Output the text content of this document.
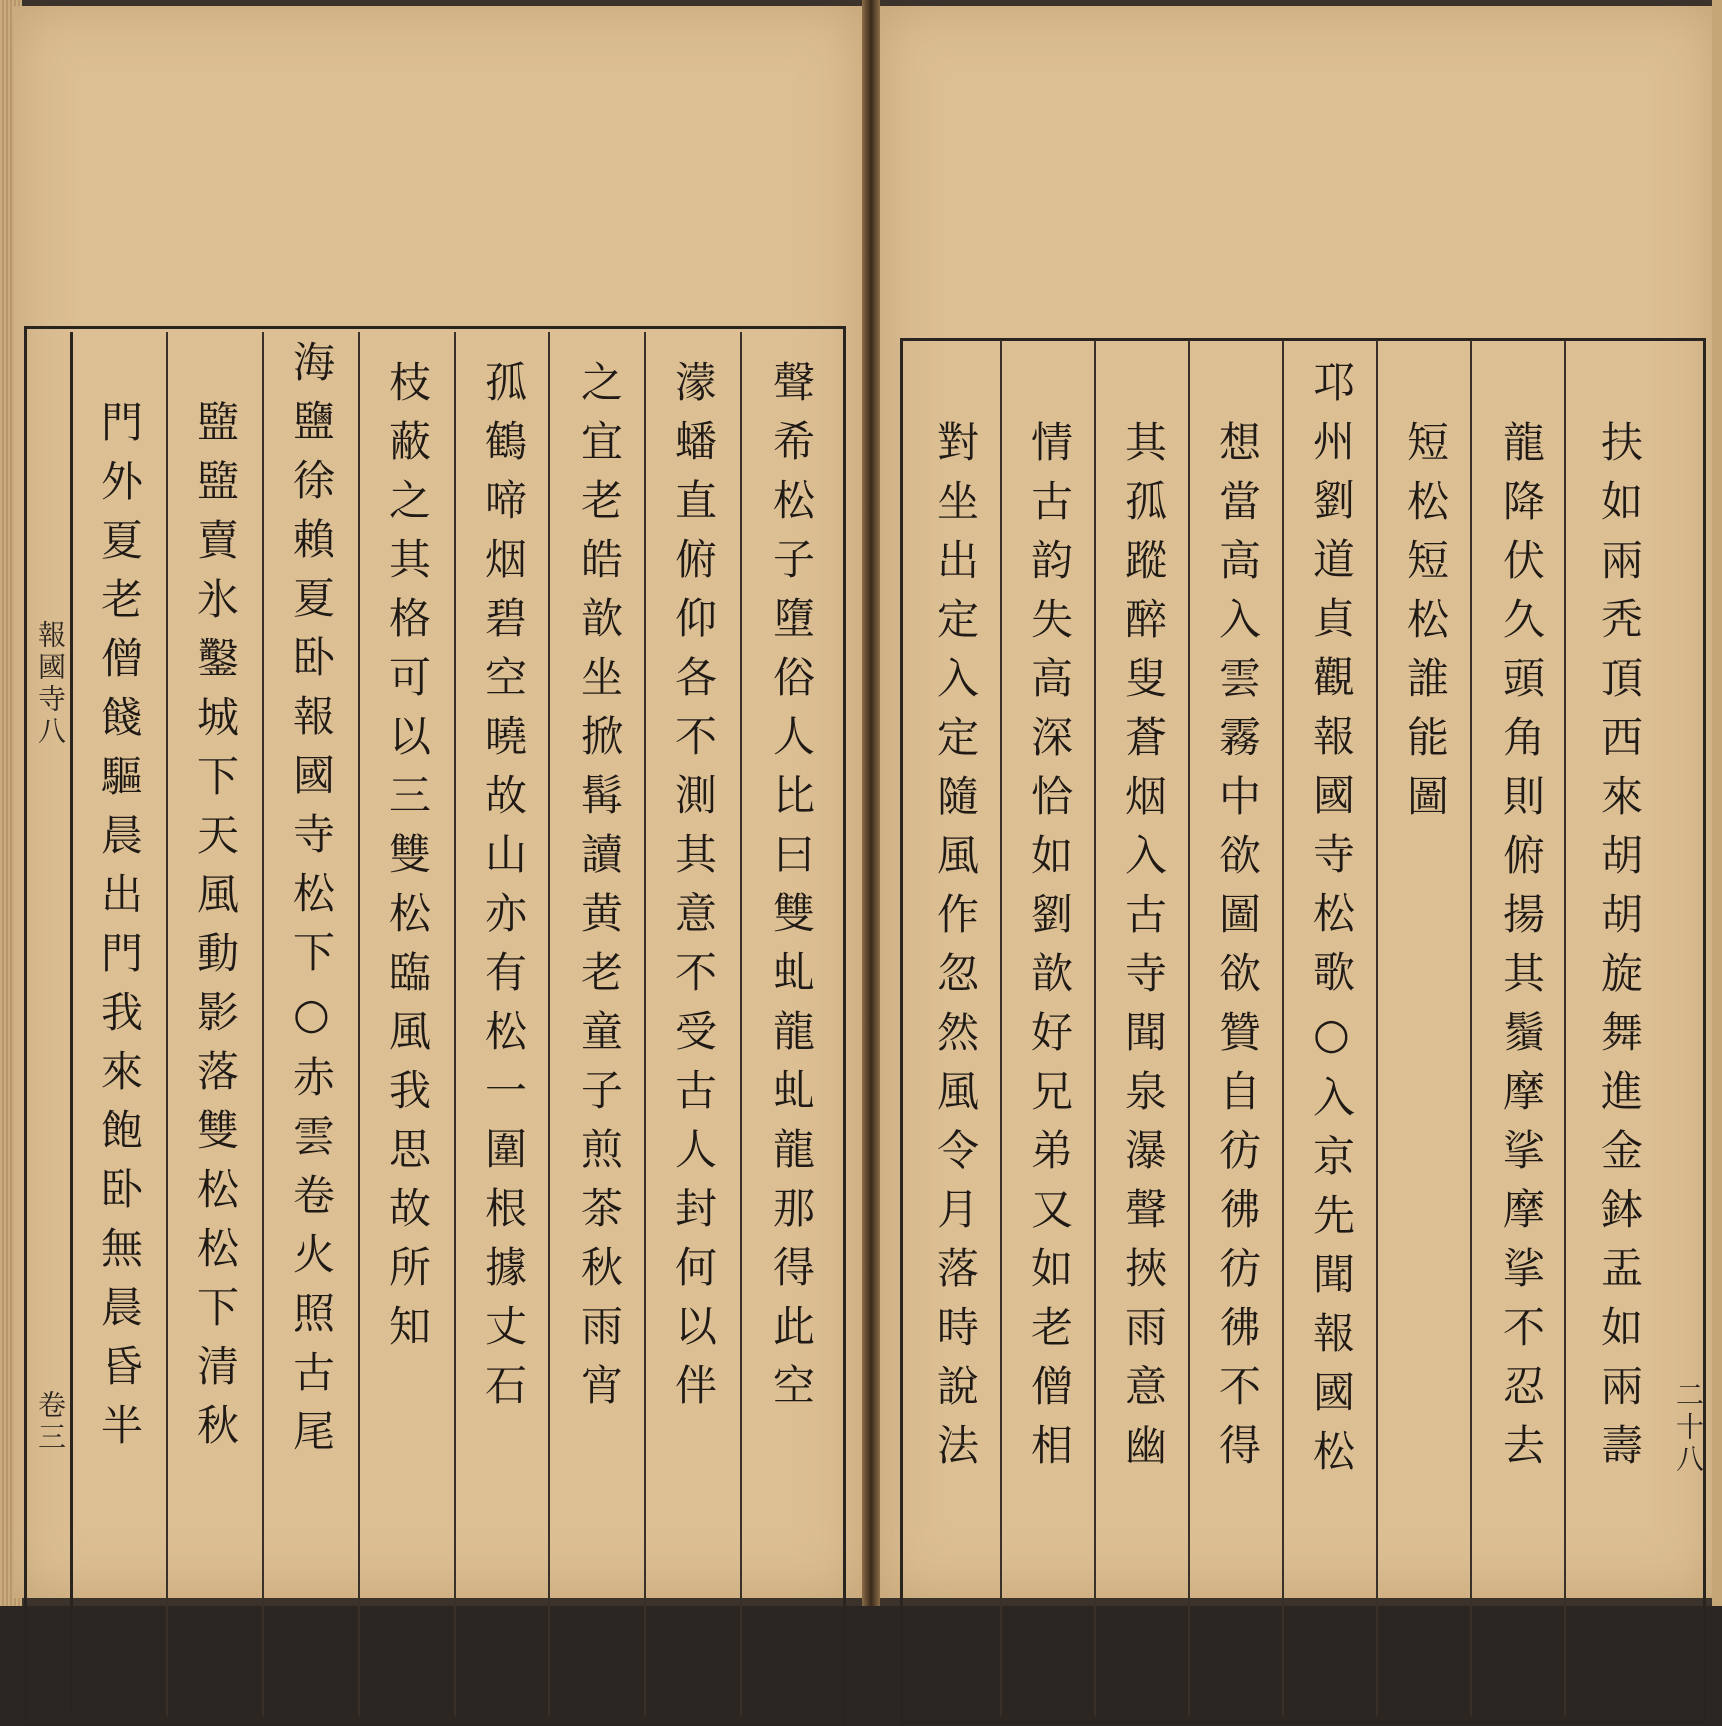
聲希松子墮俗人比曰雙虬龍虬龍那得此空
濛蟠直俯仰各不測其意不受古人封何以伴
之宜老皓歆坐掀髯讀黄老童子煎茶秋雨宵
孤鶴啼烟碧空曉故山亦有松一圍根據丈石
枝蔽之其格可以三雙松臨風我思故所知
海鹽徐賴夏卧報國寺松下○赤雲卷火照古尾
盬盬賣氷鑿城下天風動影落雙松松下清秋
門外夏老僧餞驅晨出門我來飽卧無晨昏半
報國寺八
卷三	扶如兩秃頂西來胡胡旋舞進金鉢盂如兩壽
龍降伏久頭角則俯揚其鬚摩挲摩挲不忍去
短松短松誰能圖
邛州劉道貞觀報國寺松歌○入京先聞報國松
想當高入雲霧中欲圖欲贊自彷彿彷彿不得
其孤蹤醉叟蒼烟入古寺聞泉瀑聲挾雨意幽
情古韵失高深恰如劉歆好兄弟又如老僧相
對坐出定入定隨風作忽然風令月落時說法	二十八
